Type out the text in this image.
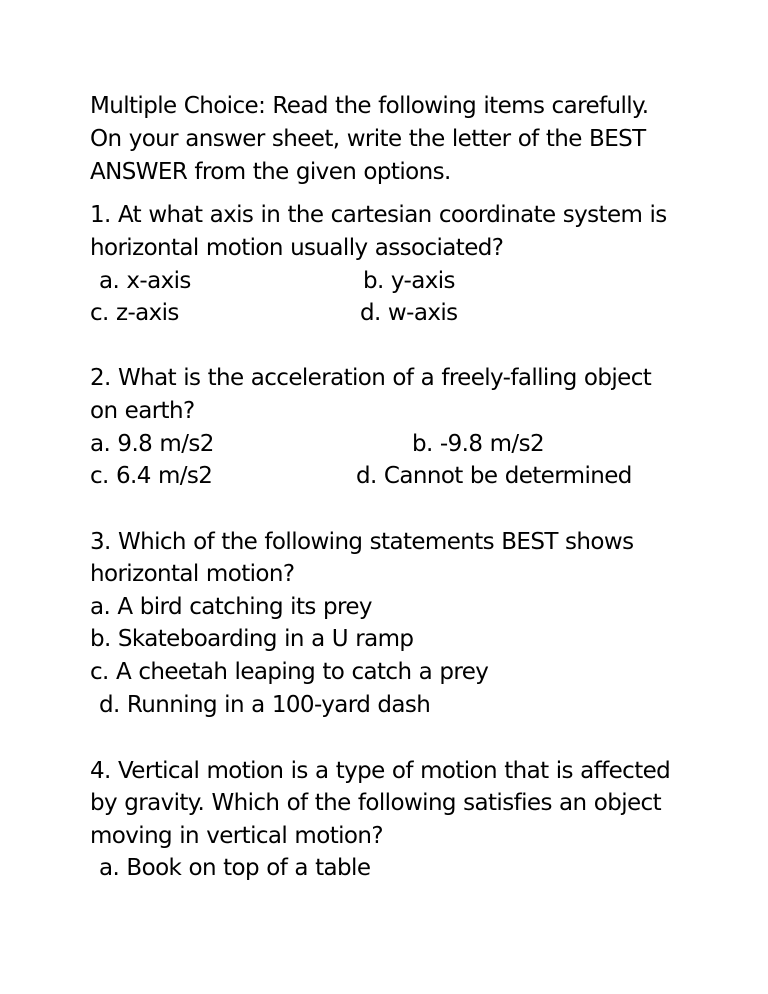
Multiple Choice: Read the following items carefully.
On your answer sheet, write the letter of the BEST
ANSWER from the given options.
1. At what axis in the cartesian coordinate system is
horizontal motion usually associated?
a. x-axis	b. y-axis
c. z-axis	d. w-axis
2. What is the acceleration of a freely-falling object
on earth?
a. 9.8 m/s2	b. -9.8 m/s2
c. 6.4 m/s2	d. Cannot be determined
3. Which of the following statements BEST shows
horizontal motion?
a. A bird catching its prey
b. Skateboarding in a U ramp
c. A cheetah leaping to catch a prey
d. Running in a 100-yard dash
4. Vertical motion is a type of motion that is affected
by gravity. Which of the following satisfies an object
moving in vertical motion?
a. Book on top of a table
